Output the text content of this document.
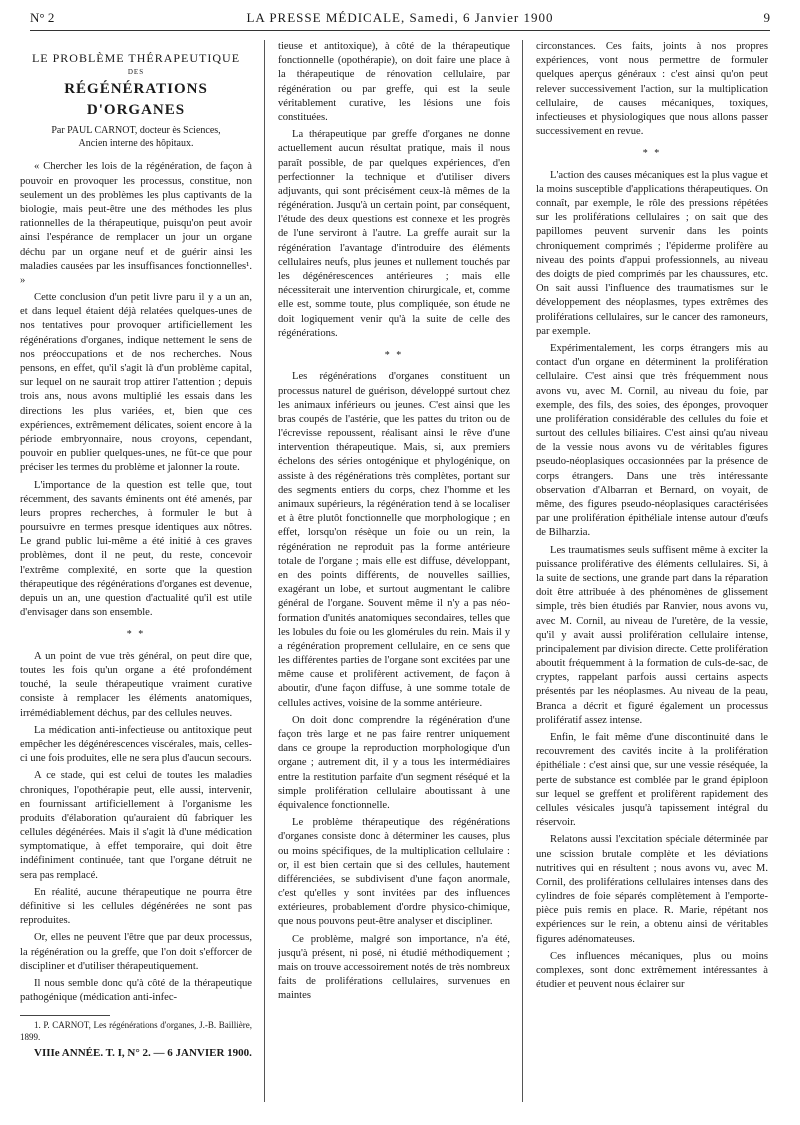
N° 2	LA PRESSE MÉDICALE, Samedi, 6 Janvier 1900	9
LE PROBLÈME THÉRAPEUTIQUE
DES
RÉGÉNÉRATIONS D'ORGANES
Par PAUL CARNOT, docteur ès Sciences,
Ancien interne des hôpitaux.

« Chercher les lois de la régénération, de façon à pouvoir en provoquer les processus, constitue, non seulement un des problèmes les plus captivants de la biologie, mais peut-être une des méthodes les plus rationnelles de la thérapeutique, puisqu'on peut avoir ainsi l'espérance de remplacer un jour un organe déchu par un organe neuf et de guérir ainsi les maladies causées par les insuffisances fonctionnelles¹. »

Cette conclusion d'un petit livre paru il y a un an, et dans lequel étaient déjà relatées quelques-unes de nos tentatives pour provoquer artificiellement les régénérations d'organes, indique nettement le sens de nos préoccupations et de nos recherches. Nous pensons, en effet, qu'il s'agit là d'un problème capital, sur lequel on ne saurait trop attirer l'attention ; depuis trois ans, nous avons multiplié les essais dans les directions les plus variées, et, bien que ces expériences, extrêmement délicates, soient encore à la période embryonnaire, nous croyons, cependant, pouvoir en publier quelques-unes, ne fût-ce que pour préciser les termes du problème et jalonner la route.

L'importance de la question est telle que, tout récemment, des savants éminents ont été amenés, par leurs propres recherches, à formuler le but à poursuivre en termes presque identiques aux nôtres. Le grand public lui-même a été initié à ces graves problèmes, dont il ne peut, du reste, concevoir l'extrême complexité, en sorte que la question thérapeutique des régénérations d'organes est devenue, depuis un an, une question d'actualité qu'il est utile d'envisager dans son ensemble.

* *

A un point de vue très général, on peut dire que, toutes les fois qu'un organe a été profondément touché, la seule thérapeutique vraiment curative consiste à remplacer les éléments anatomiques, irrémédiablement déchus, par des cellules neuves.

La médication anti-infectieuse ou antitoxique peut empêcher les dégénérescences viscérales, mais, celles-ci une fois produites, elle ne sera plus d'aucun secours.

A ce stade, qui est celui de toutes les maladies chroniques, l'opothérapie peut, elle aussi, intervenir, en fournissant artificiellement à l'organisme les produits d'élaboration qu'auraient dû fabriquer les cellules dégénérées. Mais il s'agit là d'une médication symptomatique, à effet temporaire, qui doit être indéfiniment continuée, tant que l'organe détruit ne sera pas remplacé.

En réalité, aucune thérapeutique ne pourra être définitive si les cellules dégénérées ne sont pas reproduites.

Or, elles ne peuvent l'être que par deux processus, la régénération ou la greffe, que l'on doit s'efforcer de discipliner et d'utiliser thérapeutiquement.

Il nous semble donc qu'à côté de la thérapeutique pathogénique (médication anti-infec-

1. P. CARNOT, Les régénérations d'organes, J.-B. Baillière, 1899.

VIIIe ANNÉE. T. I, N° 2. — 6 JANVIER 1900.

tieuse et antitoxique), à côté de la thérapeutique fonctionnelle (opothérapie), on doit faire une place à la thérapeutique de rénovation cellulaire, par régénération ou par greffe, qui est la seule véritablement curative, les lésions une fois constituées.

La thérapeutique par greffe d'organes ne donne actuellement aucun résultat pratique, mais il nous paraît possible, de par quelques expériences, d'en perfectionner la technique et d'utiliser divers adjuvants, qui sont précisément ceux-là mêmes de la régénération. Jusqu'à un certain point, par conséquent, l'étude des deux questions est connexe et les progrès de l'une serviront à l'autre. La greffe aurait sur la régénération l'avantage d'introduire des éléments cellulaires neufs, plus jeunes et nullement touchés par les dégénérescences antérieures ; mais elle nécessiterait une intervention chirurgicale, et, comme elle est, somme toute, plus compliquée, son étude ne doit logiquement venir qu'à la suite de celle des régénérations.

* *

Les régénérations d'organes constituent un processus naturel de guérison, développé surtout chez les animaux inférieurs ou jeunes. C'est ainsi que les bras coupés de l'astérie, que les pattes du triton ou de l'écrevisse repoussent, réalisant ainsi le rêve d'une intervention thérapeutique. Mais, si, aux premiers échelons des séries ontogénique et phylogénique, on assiste à des régénérations très complètes, portant sur des segments entiers du corps, chez l'homme et les animaux supérieurs, la régénération tend à se localiser et à être plutôt fonctionnelle que morphologique ; en effet, lorsqu'on résèque un foie ou un rein, la régénération ne reproduit pas la forme antérieure totale de l'organe ; mais elle est diffuse, développant, en des points différents, de nouvelles saillies, exagérant un lobe, et surtout augmentant le calibre général de l'organe. Souvent même il n'y a pas néo-formation d'unités anatomiques secondaires, telles que les lobules du foie ou les glomérules du rein. Mais il y a régénération proprement cellulaire, en ce sens que les différentes parties de l'organe sont excitées par une même cause et prolifèrent activement, de façon à aboutir, d'une façon diffuse, à une somme totale de cellules actives, voisine de la somme antérieure.

On doit donc comprendre la régénération d'une façon très large et ne pas faire rentrer uniquement dans ce groupe la reproduction morphologique d'un organe ; autrement dit, il y a tous les intermédiaires entre la restitution parfaite d'un segment réséqué et la simple prolifération cellulaire aboutissant à une équivalence fonctionnelle.

Le problème thérapeutique des régénérations d'organes consiste donc à déterminer les causes, plus ou moins spécifiques, de la multiplication cellulaire : or, il est bien certain que si des cellules, hautement différenciées, se subdivisent d'une façon anormale, c'est qu'elles y sont invitées par des influences extérieures, probablement d'ordre physico-chimique, que nous pouvons peut-être analyser et discipliner.

Ce problème, malgré son importance, n'a été, jusqu'à présent, ni posé, ni étudié méthodiquement ; mais on trouve accessoirement notés de très nombreux faits de proliférations cellulaires, survenues en maintes

circonstances. Ces faits, joints à nos propres expériences, vont nous permettre de formuler quelques aperçus généraux : c'est ainsi qu'on peut relever successivement l'action, sur la multiplication cellulaire, de causes mécaniques, toxiques, infectieuses et physiologiques que nous allons passer successivement en revue.

* *

L'action des causes mécaniques est la plus vague et la moins susceptible d'applications thérapeutiques. On connaît, par exemple, le rôle des pressions répétées sur les proliférations cellulaires ; on sait que des papillomes peuvent survenir dans les points chroniquement comprimés ; l'épiderme prolifère au niveau des points d'appui professionnels, au niveau des doigts de pied comprimés par les chaussures, etc. On sait aussi l'influence des traumatismes sur le développement des néoplasmes, types extrêmes des proliférations cellulaires, sur le cancer des ramoneurs, par exemple.

Expérimentalement, les corps étrangers mis au contact d'un organe en déterminent la prolifération cellulaire. C'est ainsi que très fréquemment nous avons vu, avec M. Cornil, au niveau du foie, par exemple, des fils, des soies, des éponges, provoquer une prolifération considérable des cellules du foie et surtout des cellules biliaires. C'est ainsi qu'au niveau de la vessie nous avons vu de véritables figures pseudo-néoplasiques occasionnées par la présence de corps étrangers. Dans une très intéressante observation d'Albarran et Bernard, on voyait, de même, des figures pseudo-néoplasiques caractérisées par une prolifération épithéliale intense autour d'œufs de Bilharzia.

Les traumatismes seuls suffisent même à exciter la puissance proliférative des éléments cellulaires. Si, à la suite de sections, une grande part dans la réparation doit être attribuée à des phénomènes de glissement simple, très bien étudiés par Ranvier, nous avons vu, avec M. Cornil, au niveau de l'uretère, de la vessie, qu'il y avait aussi prolifération cellulaire intense, principalement par division directe. Cette prolifération aboutit fréquemment à la formation de culs-de-sac, de cryptes, rappelant parfois aussi certains aspects présentés par les néoplasmes. Au niveau de la peau, Branca a décrit et figuré également un processus prolifératif assez intense.

Enfin, le fait même d'une discontinuité dans le recouvrement des cavités incite à la prolifération épithéliale : c'est ainsi que, sur une vessie réséquée, la perte de substance est comblée par le grand épiploon sur lequel se greffent et prolifèrent rapidement des cellules vésicales jusqu'à tapissement intégral du réservoir.

Relatons aussi l'excitation spéciale déterminée par une scission brutale complète et les déviations nutritives qui en résultent ; nous avons vu, avec M. Cornil, des proliférations cellulaires intenses dans des cylindres de foie séparés complètement à l'emporte-pièce puis remis en place. R. Marie, répétant nos expériences sur le rein, a obtenu ainsi de véritables figures adénomateuses.

Ces influences mécaniques, plus ou moins complexes, sont donc extrêmement intéressantes à étudier et peuvent nous éclairer sur
